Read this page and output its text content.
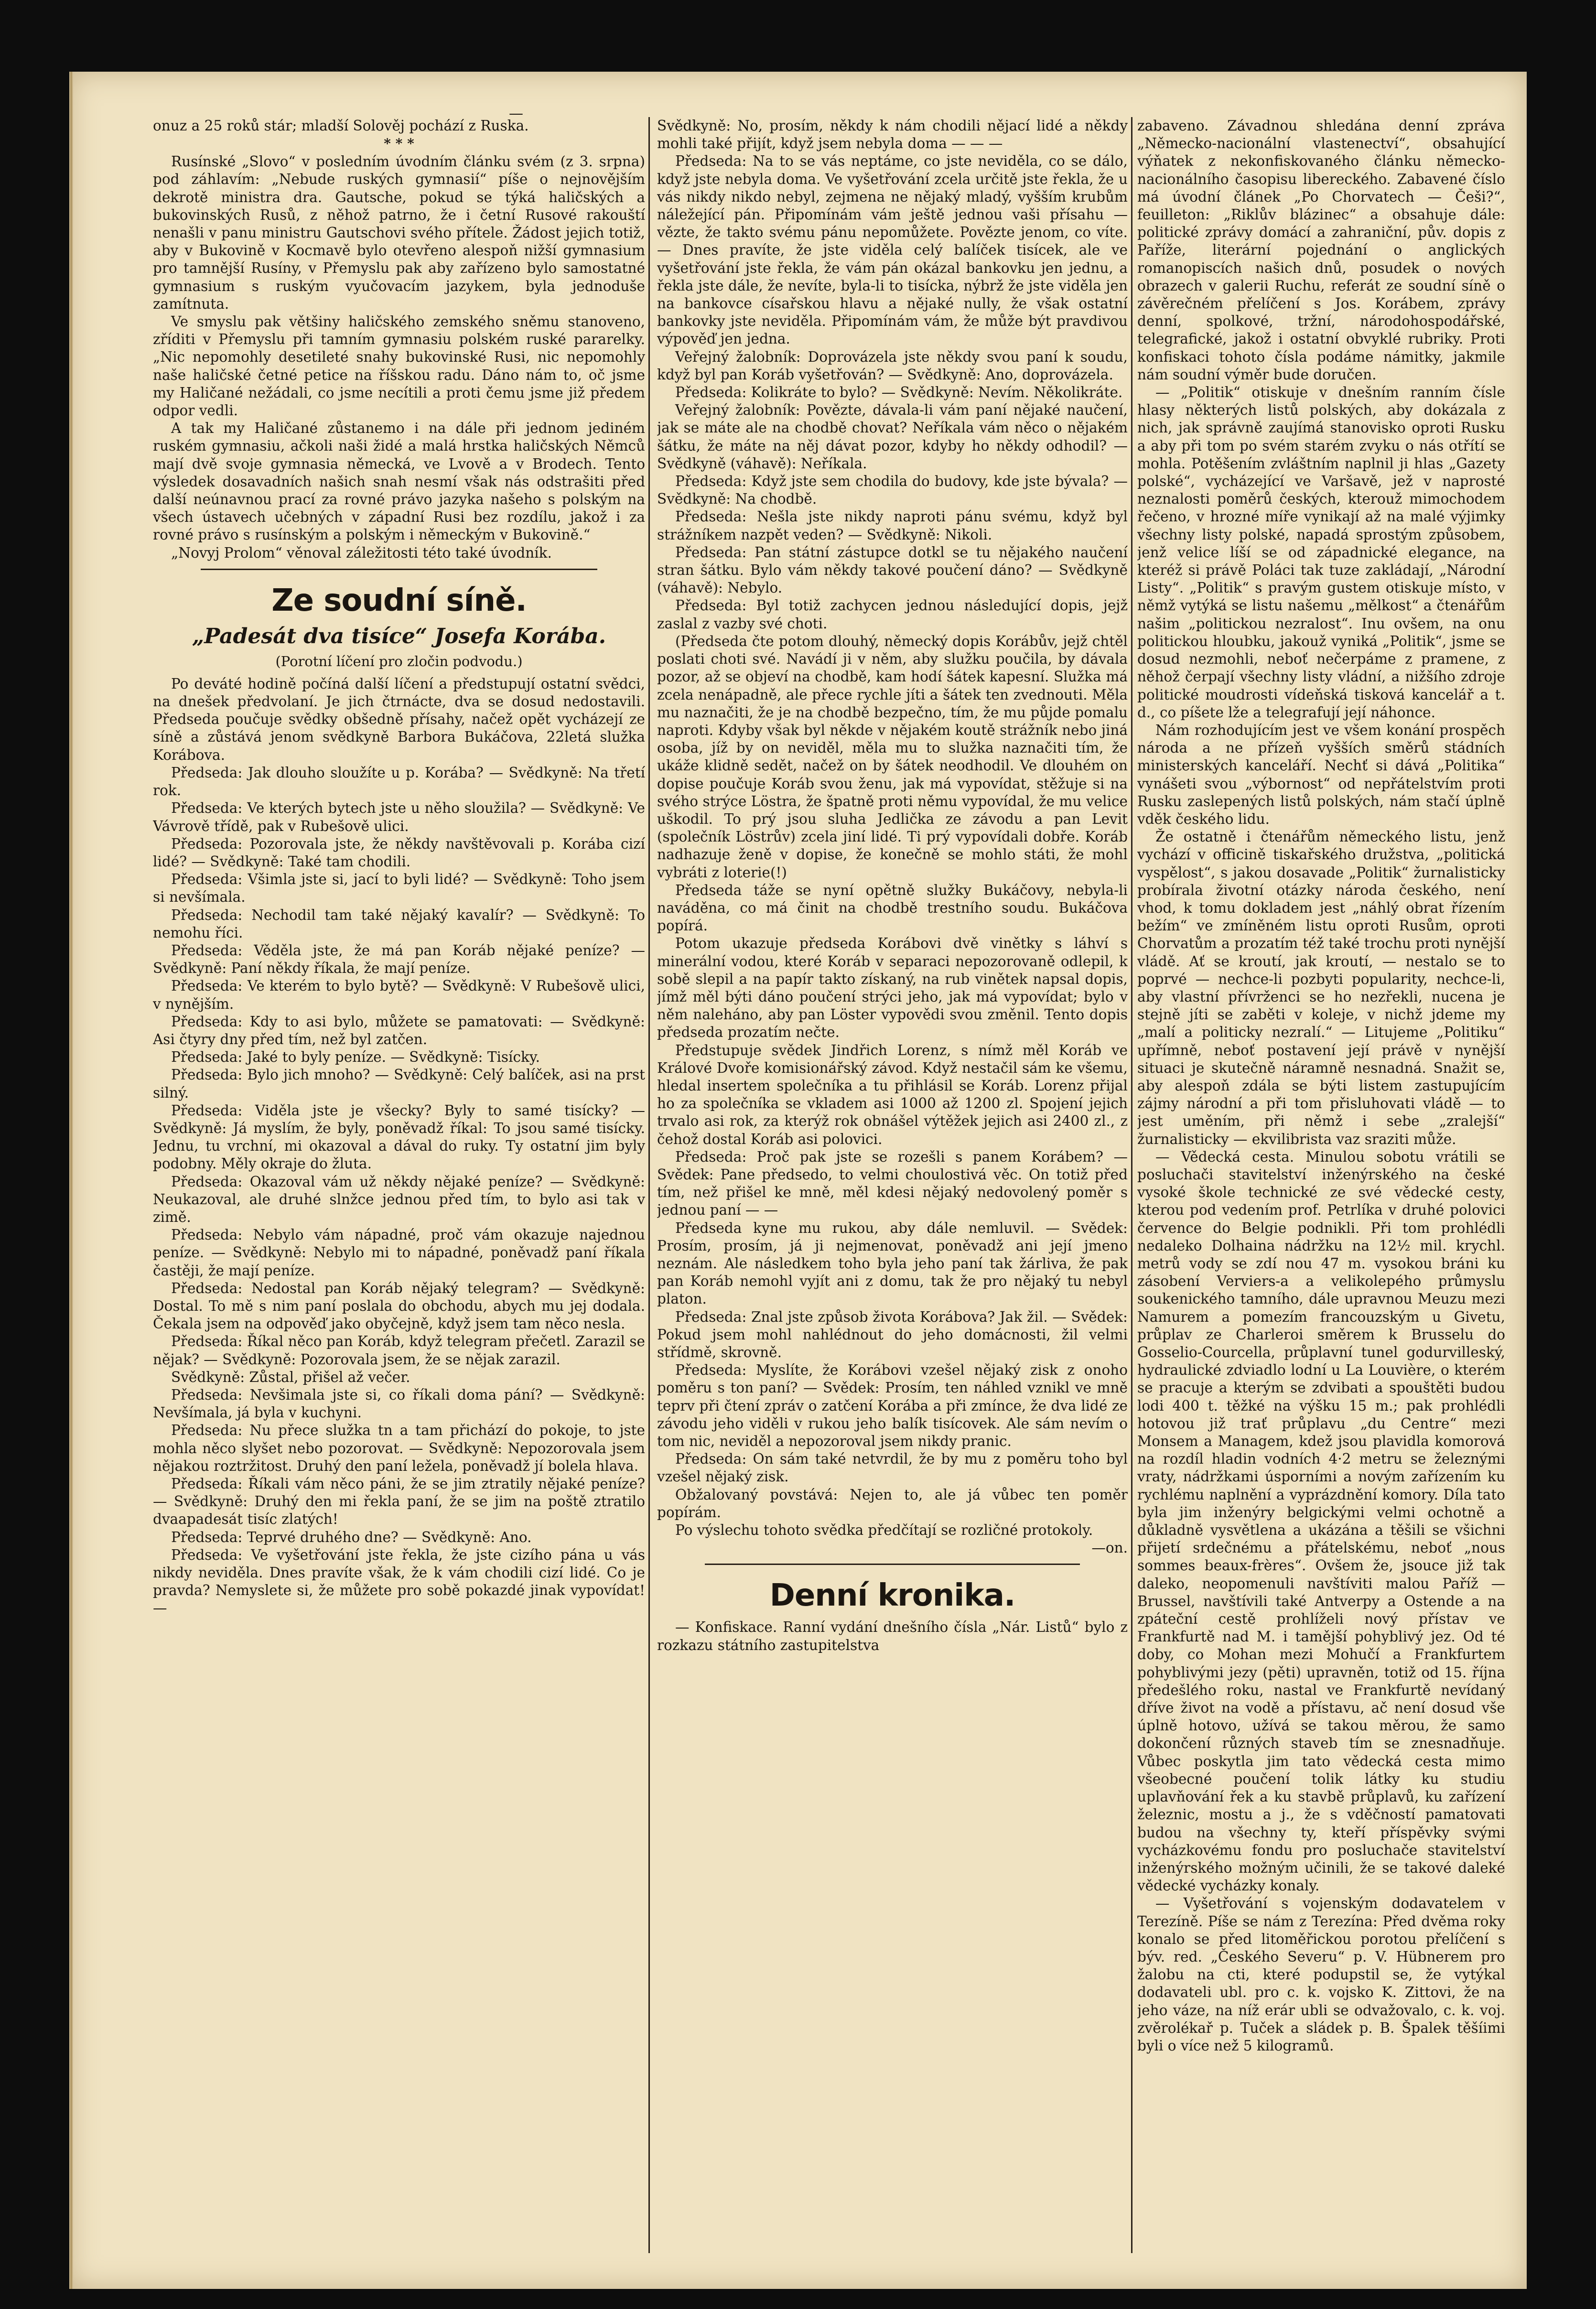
—

onuz a 25 roků stár; mladší Solověj pochází z Ruska.

* * *

Rusínské „Slovo“ v posledním úvodním článku svém (z 3. srpna) pod záhlavím: „Nebude ruských gymnasií“ píše o nejnovějším dekrotě ministra dra. Gautsche, pokud se týká haličských a bukovinských Rusů, z něhož patrno, že i četní Rusové rakouští nenašli v panu ministru Gautschovi svého přítele. Žádost jejich totiž, aby v Bukovině v Kocmavě bylo otevřeno alespoň nižší gymnasium pro tamnější Rusíny, v Přemyslu pak aby zařízeno bylo samostatné gymnasium s ruským vyučovacím jazykem, byla jednoduše zamítnuta.

Ve smyslu pak většiny haličského zemského sněmu stanoveno, zříditi v Přemyslu při tamním gymnasiu polském ruské pararelky. „Nic nepomohly desetileté snahy bukovinské Rusi, nic nepomohly naše haličské četné petice na říšskou radu. Dáno nám to, oč jsme my Haličané nežádali, co jsme necítili a proti čemu jsme již předem odpor vedli.

A tak my Haličané zůstanemo i na dále při jednom jediném ruském gymnasiu, ačkoli naši židé a malá hrstka haličských Němců mají dvě svoje gymnasia německá, ve Lvově a v Brodech. Tento výsledek dosavadních našich snah nesmí však nás odstrašiti před další neúnavnou prací za rovné právo jazyka našeho s polským na všech ústavech učebných v západní Rusi bez rozdílu, jakož i za rovné právo s rusínským a polským i německým v Bukovině.“

„Novyj Prolom“ věnoval záležitosti této také úvodník.

Ze soudní síně.
„Padesát dva tisíce“ Josefa Korába.
(Porotní líčení pro zločin podvodu.)

Po deváté hodině počíná další líčení a předstupují ostatní svědci, na dnešek předvolaní. Je jich čtrnácte, dva se dosud nedostavili. Předseda poučuje svědky obšedně přísahy, načež opět vycházejí ze síně a zůstává jenom svědkyně Barbora Bukáčova, 22letá služka Korábova.

Předseda: Jak dlouho sloužíte u p. Korába? — Svědkyně: Na třetí rok.

Předseda: Ve kterých bytech jste u něho sloužila? — Svědkyně: Ve Vávrově třídě, pak v Rubešově ulici.

Předseda: Pozorovala jste, že někdy navštěvovali p. Korába cizí lidé? — Svědkyně: Také tam chodili.

Předseda: Všimla jste si, jací to byli lidé? — Svědkyně: Toho jsem si nevšímala.

Předseda: Nechodil tam také nějaký kavalír? — Svědkyně: To nemohu říci.

Předseda: Věděla jste, že má pan Koráb nějaké peníze? — Svědkyně: Paní někdy říkala, že mají peníze.

Předseda: Ve kterém to bylo bytě? — Svědkyně: V Rubešově ulici, v nynějším.

Předseda: Kdy to asi bylo, můžete se pamatovati: — Svědkyně: Asi čtyry dny před tím, než byl zatčen.

Předseda: Jaké to byly peníze. — Svědkyně: Tisícky.

Předseda: Bylo jich mnoho? — Svědkyně: Celý balíček, asi na prst silný.

Předseda: Viděla jste je všecky? Byly to samé tisícky? — Svědkyně: Já myslím, že byly, poněvadž říkal: To jsou samé tisícky. Jednu, tu vrchní, mi okazoval a dával do ruky. Ty ostatní jim byly podobny. Měly okraje do žluta.

Předseda: Okazoval vám už někdy nějaké peníze? — Svědkyně: Neukazoval, ale druhé slnžce jednou před tím, to bylo asi tak v zimě.

Předseda: Nebylo vám nápadné, proč vám okazuje najednou peníze. — Svědkyně: Nebylo mi to nápadné, poněvadž paní říkala častěji, že mají peníze.

Předseda: Nedostal pan Koráb nějaký telegram? — Svědkyně: Dostal. To mě s nim paní poslala do obchodu, abych mu jej dodala. Čekala jsem na odpověď jako obyčejně, když jsem tam něco nesla.

Předseda: Říkal něco pan Koráb, když telegram přečetl. Zarazil se nějak? — Svědkyně: Pozorovala jsem, že se nějak zarazil.

Svědkyně: Zůstal, přišel až večer.

Předseda: Nevšimala jste si, co říkali doma pání? — Svědkyně: Nevšímala, já byla v kuchyni.

Předseda: Nu přece služka tn a tam přichází do pokoje, to jste mohla něco slyšet nebo pozorovat. — Svědkyně: Nepozorovala jsem nějakou roztržitost. Druhý den paní ležela, poněvadž jí bolela hlava.

Předseda: Říkali vám něco páni, že se jim ztratily nějaké peníze? — Svědkyně: Druhý den mi řekla paní, že se jim na poště ztratilo dvaapadesát tisíc zlatých!

Předseda: Teprvé druhého dne? — Svědkyně: Ano.

Předseda: Ve vyšetřování jste řekla, že jste cizího pána u vás nikdy neviděla. Dnes pravíte však, že k vám chodili cizí lidé. Co je pravda? Nemyslete si, že můžete pro sobě pokazdé jinak vypovídat! —

Svědkyně: No, prosím, někdy k nám chodili nějací lidé a někdy mohli také přijít, když jsem nebyla doma — — —

Předseda: Na to se vás neptáme, co jste neviděla, co se dálo, když jste nebyla doma. Ve vyšetřování zcela určitě jste řekla, že u vás nikdy nikdo nebyl, zejmena ne nějaký mladý, vyšším krubům náležející pán. Připomínám vám ještě jednou vaši přísahu — vězte, že takto svému pánu nepomůžete. Povězte jenom, co víte. — Dnes pravíte, že jste viděla celý balíček tisícek, ale ve vyšetřování jste řekla, že vám pán okázal bankovku jen jednu, a řekla jste dále, že nevíte, byla-li to tisícka, nýbrž že jste viděla jen na bankovce císařskou hlavu a nějaké nully, že však ostatní bankovky jste neviděla. Připomínám vám, že může být pravdivou výpověď jen jedna.

Veřejný žalobník: Doprovázela jste někdy svou paní k soudu, když byl pan Koráb vyšetřován? — Svědkyně: Ano, doprovázela.

Předseda: Kolikráte to bylo? — Svědkyně: Nevím. Několikráte.

Veřejný žalobník: Povězte, dávala-li vám paní nějaké naučení, jak se máte ale na chodbě chovat? Neříkala vám něco o nějakém šátku, že máte na něj dávat pozor, kdyby ho někdy odhodil? — Svědkyně (váhavě): Neříkala.

Předseda: Když jste sem chodila do budovy, kde jste bývala? — Svědkyně: Na chodbě.

Předseda: Nešla jste nikdy naproti pánu svému, když byl strážníkem nazpět veden? — Svědkyně: Nikoli.

Předseda: Pan státní zástupce dotkl se tu nějakého naučení stran šátku. Bylo vám někdy takové poučení dáno? — Svědkyně (váhavě): Nebylo.

Předseda: Byl totiž zachycen jednou následující dopis, jejž zaslal z vazby své choti.

(Předseda čte potom dlouhý, německý dopis Korábův, jejž chtěl poslati choti své. Navádí ji v něm, aby služku poučila, by dávala pozor, až se objeví na chodbě, kam hodí šátek kapesní. Služka má zcela nenápadně, ale přece rychle jíti a šátek ten zvednouti. Měla mu naznačiti, že je na chodbě bezpečno, tím, že mu půjde pomalu naproti. Kdyby však byl někde v nějakém koutě strážník nebo jiná osoba, jíž by on neviděl, měla mu to služka naznačiti tím, že ukáže klidně sedět, načež on by šátek neodhodil. Ve dlouhém on dopise poučuje Koráb svou ženu, jak má vypovídat, stěžuje si na svého strýce Löstra, že špatně proti němu vypovídal, že mu velice uškodil. To prý jsou sluha Jedlička ze závodu a pan Levit (společník Löstrův) zcela jiní lidé. Ti prý vypovídali dobře. Koráb nadhazuje ženě v dopise, že konečně se mohlo státi, že mohl vybráti z loterie(!)

Předseda táže se nyní opětně služky Bukáčovy, nebyla-li naváděna, co má činit na chodbě trestního soudu. Bukáčova popírá.

Potom ukazuje předseda Korábovi dvě vinětky s láhví s minerální vodou, které Koráb v separaci nepozorovaně odlepil, k sobě slepil a na papír takto získaný, na rub vinětek napsal dopis, jímž měl býti dáno poučení strýci jeho, jak má vypovídat; bylo v něm nalehánо, aby pan Löster vypovědi svou změnil. Tento dopis předseda prozatím nečte.

Předstupuje svědek Jindřich Lorenz, s nímž měl Koráb ve Králové Dvoře komisionářský závod. Když nestačil sám ke všemu, hledal insertem společníka a tu přihlásil se Koráb. Lorenz přijal ho za společníka se vkladem asi 1000 až 1200 zl. Spojení jejich trvalo asi rok, za kterýž rok obnášel výtěžek jejich asi 2400 zl., z čehož dostal Koráb asi polovici.

Předseda: Proč pak jste se rozešli s panem Korábem? — Svědek: Pane předsedo, to velmi choulostivá věc. On totiž před tím, než přišel ke mně, měl kdesi nějaký nedovolený poměr s jednou paní — —

Předseda kyne mu rukou, aby dále nemluvil. — Svědek: Prosím, prosím, já ji nejmenovat, poněvadž ani její jmeno neznám. Ale následkem toho byla jeho paní tak žárliva, že pak pan Koráb nemohl vyjít ani z domu, tak že pro nějaký tu nebyl platon.

Předseda: Znal jste způsob života Korábova? Jak žil. — Svědek: Pokud jsem mohl nahlédnout do jeho domácnosti, žil velmi střídmě, skrovně.

Předseda: Myslíte, že Korábovi vzešel nějaký zisk z onoho poměru s ton paní? — Svědek: Prosím, ten náhled vznikl ve mně teprv při čtení zpráv o zatčení Korába a při zmínce, že dva lidé ze závodu jeho viděli v rukou jeho balík tisícovek. Ale sám nevím o tom nic, neviděl a nepozoroval jsem nikdy pranic.

Předseda: On sám také netvrdil, že by mu z poměru toho byl vzešel nějaký zisk.

Obžalovaný povstává: Nejen to, ale já vůbec ten poměr popírám.

Po výslechu tohoto svědka předčítají se rozličné protokoly.

—on.

Denní kronika.

— Konfiskace. Ranní vydání dnešního čísla „Nár. Listů“ bylo z rozkazu státního zastupitelstva

zabaveno. Závadnou shledána denní zpráva „Německo-nacionální vlastenectví“, obsahující výňatek z nekonfiskovaného článku německo-nacionálního časopisu libereckého. Zabavené číslo má úvodní článek „Po Chorvatech — Češi?“, feuilleton: „Riklův blázinec“ a obsahuje dále: politické zprávy domácí a zahraniční, pův. dopis z Paříže, literární pojednání o anglických romanopiscích našich dnů, posudek o nových obrazech v galerii Ruchu, referát ze soudní síně o závěrečném přelíčení s Jos. Korábem, zprávy denní, spolkové, tržní, národohospodářské, telegrafické, jakož i ostatní obvyklé rubriky. Proti konfiskaci tohoto čísla podáme námitky, jakmile nám soudní výměr bude doručen.

— „Politik“ otiskuje v dnešním ranním čísle hlasy některých listů polských, aby dokázala z nich, jak správně zaujímá stanovisko oproti Rusku a aby při tom po svém starém zvyku o nás otřítí se mohla. Potěšením zvláštním naplnil ji hlas „Gazety polské“, vycházející ve Varšavě, jež v naprosté neznalosti poměrů českých, kterouž mimochodem řečeno, v hrozné míře vynikají až na malé výjimky všechny listy polské, napadá sprostým způsobem, jenž velice líší se od západnické elegance, na kteréž si právě Poláci tak tuze zakládají, „Národní Listy“. „Politik“ s pravým gustem otiskuje místo, v němž vytýká se listu našemu „mělkost“ a čtenářům našim „politickou nezralost“. Inu ovšem, na onu politickou hloubku, jakouž vyniká „Politik“, jsme se dosud nezmohli, neboť nečerpáme z pramene, z něhož čerpají všechny listy vládní, a nižšího zdroje politické moudrosti vídeňská tisková kancelář a t. d., co píšete lže a telegrafují její náhonce.

Nám rozhodujícím jest ve všem konání prospěch národa a ne přízeň vyšších směrů stádních ministerských kanceláří. Nechť si dává „Politika“ vynášeti svou „výbornost“ od nepřátelstvím proti Rusku zaslepených listů polských, nám stačí úplně vděk českého lidu.

Že ostatně i čtenářům německého listu, jenž vychází v officině tiskařského družstva, „politická vyspělost“, s jakou dosavade „Politik“ žurnalisticky probírala životní otázky národa českého, není vhod, k tomu dokladem jest „náhlý obrat řízením bežím“ ve zmíněném listu oproti Rusům, oproti Chorvatům a prozatím též také trochu proti nynější vládě. Ať se kroutí, jak kroutí, — nestalo se to poprvé — nechce-li pozbyti popularity, nechce-li, aby vlastní přívrženci se ho nezřekli, nucena je stejně jíti se zaběti v koleje, v nichž jdeme my „malí a politicky nezralí.“ — Litujeme „Politiku“ upřímně, neboť postavení její právě v nynější situaci je skutečně náramně nesnadná. Snažit se, aby alespoň zdála se býti listem zastupujícím zájmy národní a při tom přisluhovati vládě — to jest uměním, při němž i sebe „zralejší“ žurnalisticky — ekvilibrista vaz sraziti může.

— Vědecká cesta. Minulou sobotu vrátili se posluchači stavitelství inženýrského na české vysoké škole technické ze své vědecké cesty, kterou pod vedením prof. Petrlíka v druhé polovici července do Belgie podnikli. Při tom prohlédli nedaleko Dolhaina nádržku na 12½ mil. krychl. metrů vody se zdí nou 47 m. vysokou bráni ku zásobení Verviers-a a velikolepého průmyslu soukenického tamního, dále upravnou Meuzu mezi Namurem a pomezím francouzským u Givetu, průplav ze Charleroi směrem k Brusselu do Gosselio-Courcella, průplavní tunel godurvilleský, hydraulické zdviadlo lodní u La Louvière, o kterém se pracuje a kterým se zdvibati a spouštěti budou lodi 400 t. těžké na výšku 15 m.; pak prohlédli hotovou již trať průplavu „du Centre“ mezi Monsem a Managem, kdež jsou plavidla komorová na rozdíl hladin vodních 4·2 metru se železnými vraty, nádržkami úsporními a novým zařízením ku rychlému naplnění a vyprázdnění komory. Díla tato byla jim inženýry belgickými velmi ochotně a důkladně vysvětlena a ukázána a těšili se všichni přijetí srdečnému a přátelskému, neboť „nous sommes beaux-frères“. Ovšem že, jsouce již tak daleko, neopomenuli navštíviti malou Paříž — Brussel, navštívili také Antverpy a Ostende a na zpáteční cestě prohlíželi nový přístav ve Frankfurtě nad M. i tamější pohyblivý jez. Od té doby, co Mohan mezi Mohučí a Frankfurtem pohyblivými jezy (pěti) upravněn, totiž od 15. října předešlého roku, nastal ve Frankfurtě nevídaný dříve život na vodě a přístavu, ač není dosud vše úplně hotovo, užívá se takou měrou, že samo dokončení různých staveb tím se znesnadňuje. Vůbec poskytla jim tato vědecká cesta mimo všeobecné poučení tolik látky ku studiu uplavňování řek a ku stavbě průplavů, ku zařízení železnic, mostu a j., že s vděčností pamatovati budou na všechny ty, kteří příspěvky svými vycházkovému fondu pro posluchače stavitelství inženýrského možným učinili, že se takové daleké vědecké vycházky konaly.

— Vyšetřování s vojenským dodavatelem v Terezíně. Píše se nám z Terezína: Před dvěma roky konalo se před litoměřickou porotou přelíčení s býv. red. „Českého Severu“ p. V. Hübnerem pro žalobu na cti, které podupstil se, že vytýkal dodavateli ubl. pro c. k. vojsko K. Zittovi, že na jeho váze, na níž erár ubli se odvažovalo, c. k. voj. zvěrolékař p. Tuček a sládek p. B. Špalek těšíimi byli o více než 5 kilogramů.
